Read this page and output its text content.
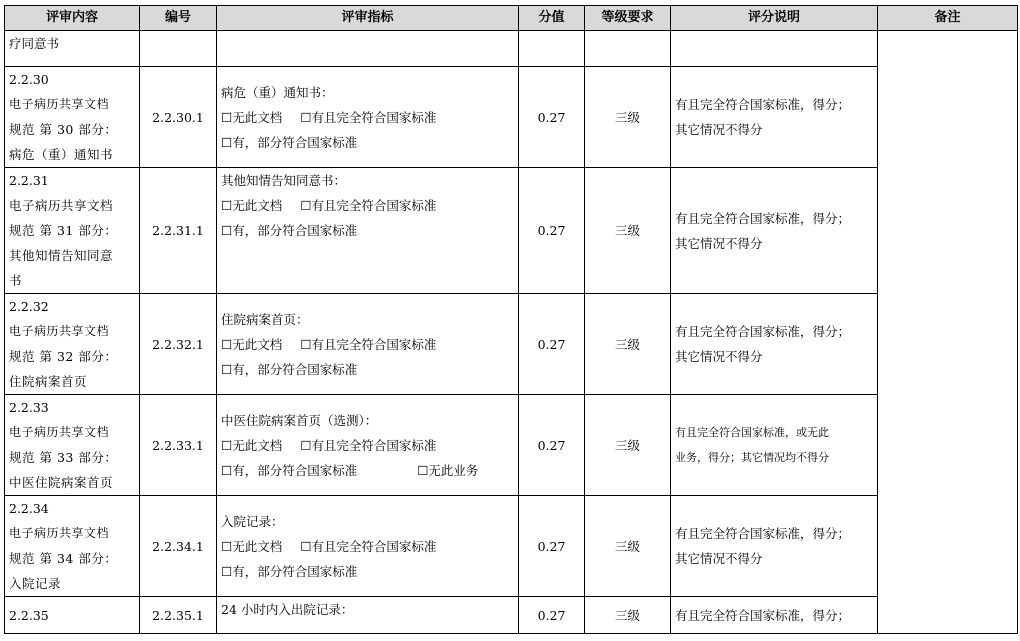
评审内容	编号	评审指标	分值	等级要求	评分说明	备注
疗同意书						

2.2.30
电子病历共享文档
规范 第 30 部分：
病危（重）通知书	2.2.30.1	病危（重）通知书：
☐无此文档 ☐有且完全符合国家标准
☐有，部分符合国家标准	0.27	三级	有且完全符合国家标准，得分；
其它情况不得分	

2.2.31
电子病历共享文档
规范 第 31 部分：
其他知情告知同意
书	2.2.31.1	其他知情告知同意书：
☐无此文档 ☐有且完全符合国家标准
☐有，部分符合国家标准	0.27	三级	有且完全符合国家标准，得分；
其它情况不得分	

2.2.32
电子病历共享文档
规范 第 32 部分：
住院病案首页	2.2.32.1	住院病案首页：
☐无此文档 ☐有且完全符合国家标准
☐有，部分符合国家标准	0.27	三级	有且完全符合国家标准，得分；
其它情况不得分	

2.2.33
电子病历共享文档
规范 第 33 部分：
中医住院病案首页	2.2.33.1	中医住院病案首页（选测）：
☐无此文档 ☐有且完全符合国家标准
☐有，部分符合国家标准 ☐无此业务	0.27	三级	有且完全符合国家标准，或无此
业务，得分；其它情况均不得分	

2.2.34
电子病历共享文档
规范 第 34 部分：
入院记录	2.2.34.1	入院记录：
☐无此文档 ☐有且完全符合国家标准
☐有，部分符合国家标准	0.27	三级	有且完全符合国家标准，得分；
其它情况不得分	

2.2.35	2.2.35.1	24 小时内入出院记录：	0.27	三级	有且完全符合国家标准，得分；	
